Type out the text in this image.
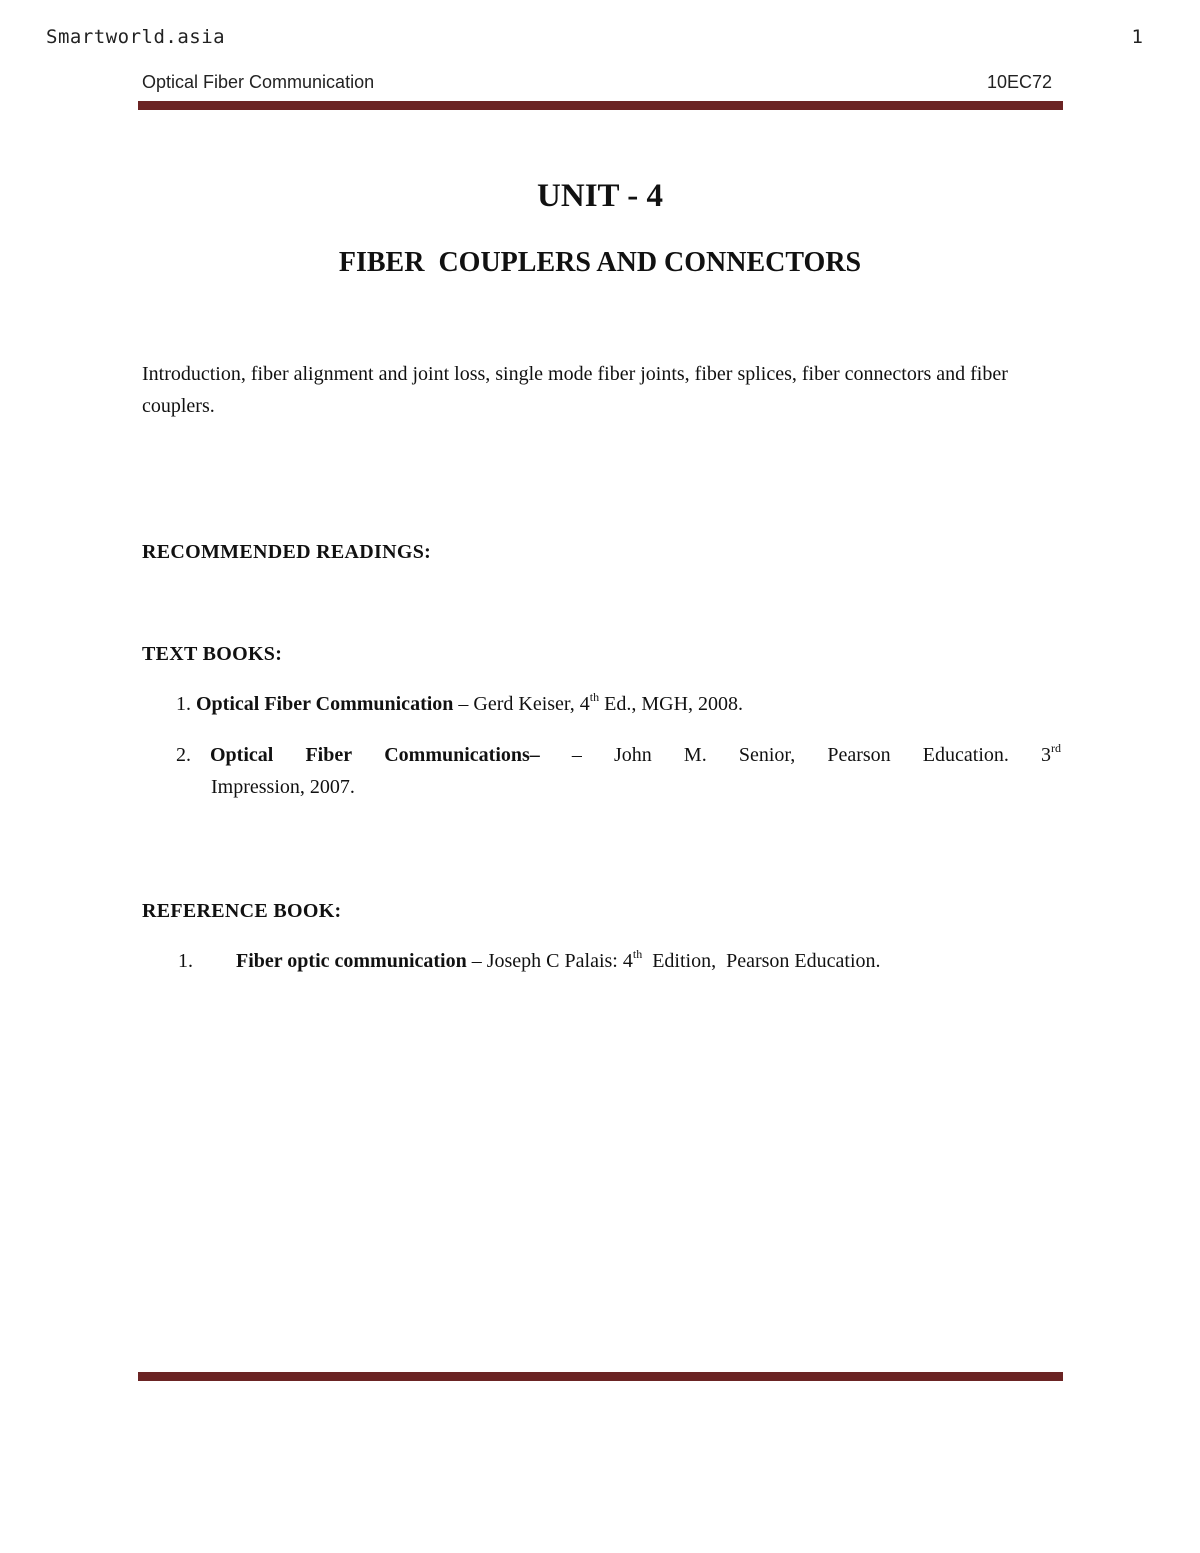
Smartworld.asia	1
Optical Fiber Communication	10EC72
UNIT - 4
FIBER  COUPLERS AND CONNECTORS
Introduction, fiber alignment and joint loss, single mode fiber joints, fiber splices, fiber connectors and fiber couplers.
RECOMMENDED READINGS:
TEXT BOOKS:
1. Optical Fiber Communication – Gerd Keiser, 4th Ed., MGH, 2008.
2. Optical Fiber Communications– – John M. Senior, Pearson Education. 3rd
Impression, 2007.
REFERENCE BOOK:
1. Fiber optic communication – Joseph C Palais: 4th  Edition,  Pearson Education.
